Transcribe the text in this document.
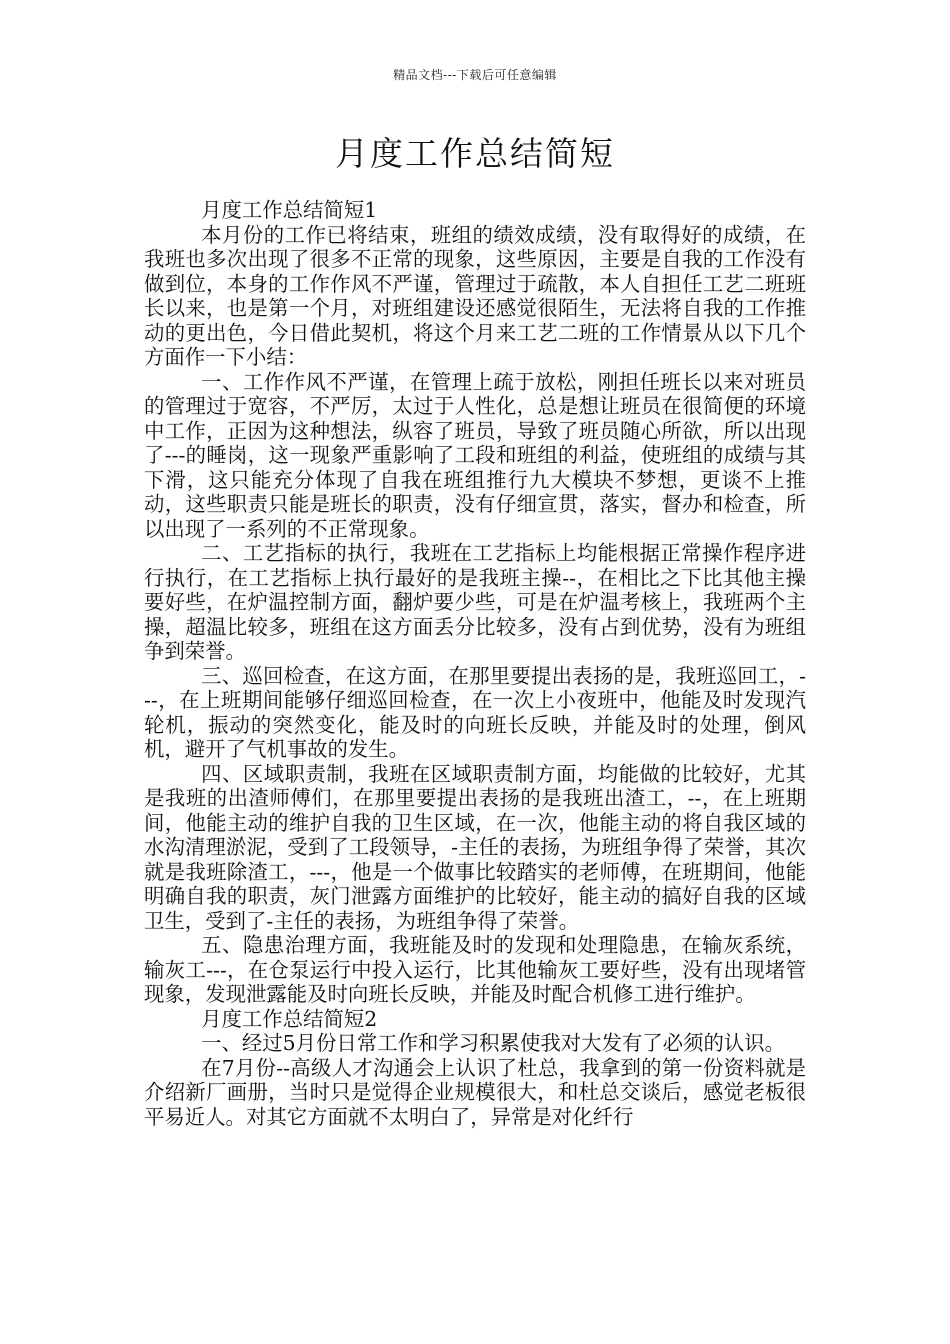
精品文档---下载后可任意编辑
月度工作总结简短

月度工作总结简短1

本月份的工作已将结束，班组的绩效成绩，没有取得好的成绩，在我班也多次出现了很多不正常的现象，这些原因，主要是自我的工作没有做到位，本身的工作作风不严谨，管理过于疏散，本人自担任工艺二班班长以来，也是第一个月，对班组建设还感觉很陌生，无法将自我的工作推动的更出色，今日借此契机，将这个月来工艺二班的工作情景从以下几个方面作一下小结：

一、工作作风不严谨，在管理上疏于放松，刚担任班长以来对班员的管理过于宽容，不严厉，太过于人性化，总是想让班员在很简便的环境中工作，正因为这种想法，纵容了班员，导致了班员随心所欲，所以出现了---的睡岗，这一现象严重影响了工段和班组的利益，使班组的成绩与其下滑，这只能充分体现了自我在班组推行九大模块不梦想，更谈不上推动，这些职责只能是班长的职责，没有仔细宣贯，落实，督办和检查，所以出现了一系列的不正常现象。

二、工艺指标的执行，我班在工艺指标上均能根据正常操作程序进行执行，在工艺指标上执行最好的是我班主操--，在相比之下比其他主操要好些，在炉温控制方面，翻炉要少些，可是在炉温考核上，我班两个主操，超温比较多，班组在这方面丢分比较多，没有占到优势，没有为班组争到荣誉。

三、巡回检查，在这方面，在那里要提出表扬的是，我班巡回工，---，在上班期间能够仔细巡回检查，在一次上小夜班中，他能及时发现汽轮机，振动的突然变化，能及时的向班长反映，并能及时的处理，倒风机，避开了气机事故的发生。

四、区域职责制，我班在区域职责制方面，均能做的比较好，尤其是我班的出渣师傅们，在那里要提出表扬的是我班出渣工，--，在上班期间，他能主动的维护自我的卫生区域，在一次，他能主动的将自我区域的水沟清理淤泥，受到了工段领导，-主任的表扬，为班组争得了荣誉，其次就是我班除渣工，---，他是一个做事比较踏实的老师傅，在班期间，他能明确自我的职责，灰门泄露方面维护的比较好，能主动的搞好自我的区域卫生，受到了-主任的表扬，为班组争得了荣誉。

五、隐患治理方面，我班能及时的发现和处理隐患，在输灰系统，输灰工---，在仓泵运行中投入运行，比其他输灰工要好些，没有出现堵管现象，发现泄露能及时向班长反映，并能及时配合机修工进行维护。

月度工作总结简短2

一、经过5月份日常工作和学习积累使我对大发有了必须的认识。

在7月份--高级人才沟通会上认识了杜总，我拿到的第一份资料就是介绍新厂画册，当时只是觉得企业规模很大，和杜总交谈后，感觉老板很平易近人。对其它方面就不太明白了，异常是对化纤行
